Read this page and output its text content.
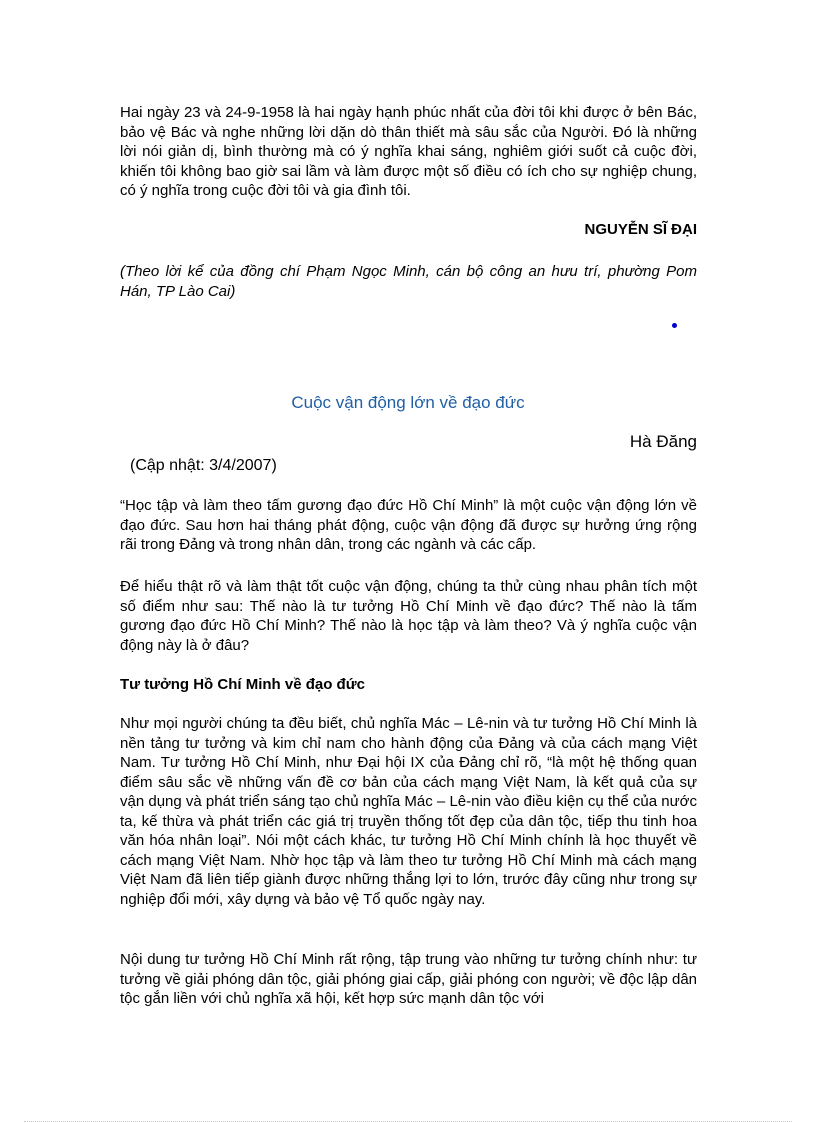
Hai ngày 23 và 24-9-1958 là hai ngày hạnh phúc nhất của đời tôi khi được ở bên Bác, bảo vệ Bác và nghe những lời dặn dò thân thiết mà sâu sắc của Người. Đó là những lời nói giản dị, bình thường mà có ý nghĩa khai sáng, nghiêm giới suốt cả cuộc đời, khiến tôi không bao giờ sai lầm và làm được một số điều có ích cho sự nghiệp chung, có ý nghĩa trong cuộc đời tôi và gia đình tôi.

NGUYỄN SĨ ĐẠI

(Theo lời kể của đồng chí Phạm Ngọc Minh, cán bộ công an hưu trí, phường Pom Hán, TP Lào Cai)

Cuộc vận động lớn về đạo đức

Hà Đăng

(Cập nhật: 3/4/2007)

“Học tập và làm theo tấm gương đạo đức Hồ Chí Minh” là một cuộc vận động lớn về đạo đức. Sau hơn hai tháng phát động, cuộc vận động đã được sự hưởng ứng rộng rãi trong Đảng và trong nhân dân, trong các ngành và các cấp.

Để hiểu thật rõ và làm thật tốt cuộc vận động, chúng ta thử cùng nhau phân tích một số điểm như sau: Thế nào là tư tưởng Hồ Chí Minh về đạo đức? Thế nào là tấm gương đạo đức Hồ Chí Minh? Thế nào là học tập và làm theo? Và ý nghĩa cuộc vận động này là ở đâu?

Tư tưởng Hồ Chí Minh về đạo đức

Như mọi người chúng ta đều biết, chủ nghĩa Mác – Lê-nin và tư tưởng Hồ Chí Minh là nền tảng tư tưởng và kim chỉ nam cho hành động của Đảng và của cách mạng Việt Nam. Tư tưởng Hồ Chí Minh, như Đại hội IX của Đảng chỉ rõ, “là một hệ thống quan điểm sâu sắc về những vấn đề cơ bản của cách mạng Việt Nam, là kết quả của sự vận dụng và phát triển sáng tạo chủ nghĩa Mác – Lê-nin vào điều kiện cụ thể của nước ta, kế thừa và phát triển các giá trị truyền thống tốt đẹp của dân tộc, tiếp thu tinh hoa văn hóa nhân loại”. Nói một cách khác, tư tưởng Hồ Chí Minh chính là học thuyết về cách mạng Việt Nam. Nhờ học tập và làm theo tư tưởng Hồ Chí Minh mà cách mạng Việt Nam đã liên tiếp giành được những thắng lợi to lớn, trước đây cũng như trong sự nghiệp đổi mới, xây dựng và bảo vệ Tổ quốc ngày nay.

Nội dung tư tưởng Hồ Chí Minh rất rộng, tập trung vào những tư tưởng chính như: tư tưởng về giải phóng dân tộc, giải phóng giai cấp, giải phóng con người; về độc lập dân tộc gắn liền với chủ nghĩa xã hội, kết hợp sức mạnh dân tộc với
